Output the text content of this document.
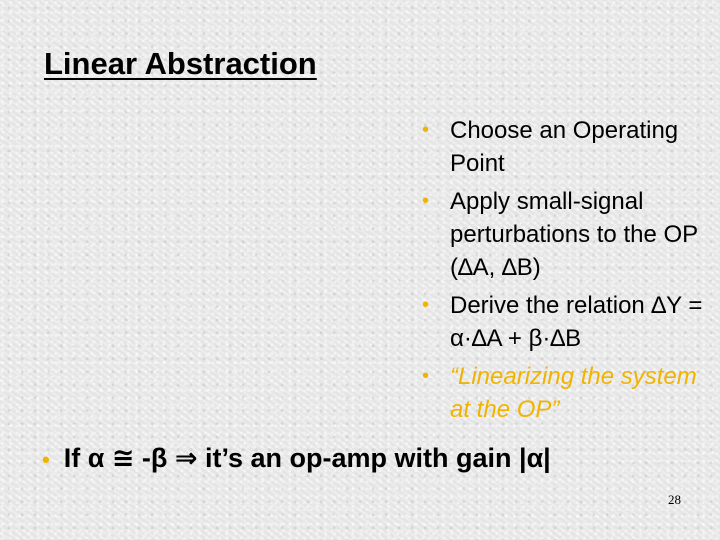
Linear Abstraction
• Choose an Operating Point
• Apply small-signal perturbations to the OP (∆A, ∆B)
• Derive the relation ∆Y = α·∆A + β·∆B
• “Linearizing the system at the OP”
• If α ≅ -β ⇒ it’s an op-amp with gain |α|
28
